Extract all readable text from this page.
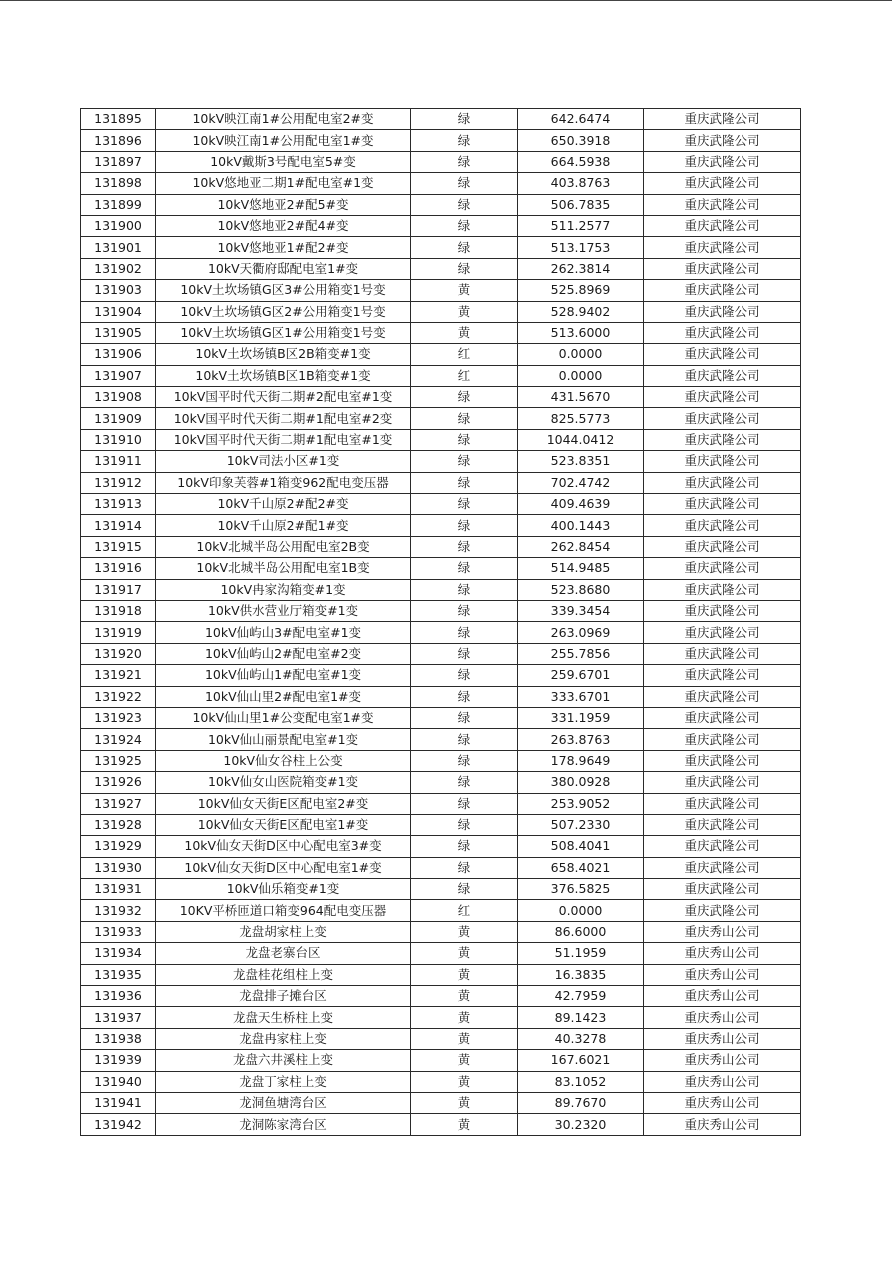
131895	10kV映江南1#公用配电室2#变	绿	642.6474	重庆武隆公司
131896	10kV映江南1#公用配电室1#变	绿	650.3918	重庆武隆公司
131897	10kV戴斯3号配电室5#变	绿	664.5938	重庆武隆公司
131898	10kV悠地亚二期1#配电室#1变	绿	403.8763	重庆武隆公司
131899	10kV悠地亚2#配5#变	绿	506.7835	重庆武隆公司
131900	10kV悠地亚2#配4#变	绿	511.2577	重庆武隆公司
131901	10kV悠地亚1#配2#变	绿	513.1753	重庆武隆公司
131902	10kV天衢府邸配电室1#变	绿	262.3814	重庆武隆公司
131903	10kV土坎场镇G区3#公用箱变1号变	黄	525.8969	重庆武隆公司
131904	10kV土坎场镇G区2#公用箱变1号变	黄	528.9402	重庆武隆公司
131905	10kV土坎场镇G区1#公用箱变1号变	黄	513.6000	重庆武隆公司
131906	10kV土坎场镇B区2B箱变#1变	红	0.0000	重庆武隆公司
131907	10kV土坎场镇B区1B箱变#1变	红	0.0000	重庆武隆公司
131908	10kV国平时代天街二期#2配电室#1变	绿	431.5670	重庆武隆公司
131909	10kV国平时代天街二期#1配电室#2变	绿	825.5773	重庆武隆公司
131910	10kV国平时代天街二期#1配电室#1变	绿	1044.0412	重庆武隆公司
131911	10kV司法小区#1变	绿	523.8351	重庆武隆公司
131912	10kV印象芙蓉#1箱变962配电变压器	绿	702.4742	重庆武隆公司
131913	10kV千山原2#配2#变	绿	409.4639	重庆武隆公司
131914	10kV千山原2#配1#变	绿	400.1443	重庆武隆公司
131915	10kV北城半岛公用配电室2B变	绿	262.8454	重庆武隆公司
131916	10kV北城半岛公用配电室1B变	绿	514.9485	重庆武隆公司
131917	10kV冉家沟箱变#1变	绿	523.8680	重庆武隆公司
131918	10kV供水营业厅箱变#1变	绿	339.3454	重庆武隆公司
131919	10kV仙屿山3#配电室#1变	绿	263.0969	重庆武隆公司
131920	10kV仙屿山2#配电室#2变	绿	255.7856	重庆武隆公司
131921	10kV仙屿山1#配电室#1变	绿	259.6701	重庆武隆公司
131922	10kV仙山里2#配电室1#变	绿	333.6701	重庆武隆公司
131923	10kV仙山里1#公变配电室1#变	绿	331.1959	重庆武隆公司
131924	10kV仙山丽景配电室#1变	绿	263.8763	重庆武隆公司
131925	10kV仙女谷柱上公变	绿	178.9649	重庆武隆公司
131926	10kV仙女山医院箱变#1变	绿	380.0928	重庆武隆公司
131927	10kV仙女天街E区配电室2#变	绿	253.9052	重庆武隆公司
131928	10kV仙女天街E区配电室1#变	绿	507.2330	重庆武隆公司
131929	10kV仙女天街D区中心配电室3#变	绿	508.4041	重庆武隆公司
131930	10kV仙女天街D区中心配电室1#变	绿	658.4021	重庆武隆公司
131931	10kV仙乐箱变#1变	绿	376.5825	重庆武隆公司
131932	10KV平桥匝道口箱变964配电变压器	红	0.0000	重庆武隆公司
131933	龙盘胡家柱上变	黄	86.6000	重庆秀山公司
131934	龙盘老寨台区	黄	51.1959	重庆秀山公司
131935	龙盘桂花组柱上变	黄	16.3835	重庆秀山公司
131936	龙盘排子摊台区	黄	42.7959	重庆秀山公司
131937	龙盘天生桥柱上变	黄	89.1423	重庆秀山公司
131938	龙盘冉家柱上变	黄	40.3278	重庆秀山公司
131939	龙盘六井溪柱上变	黄	167.6021	重庆秀山公司
131940	龙盘丁家柱上变	黄	83.1052	重庆秀山公司
131941	龙洞鱼塘湾台区	黄	89.7670	重庆秀山公司
131942	龙洞陈家湾台区	黄	30.2320	重庆秀山公司
